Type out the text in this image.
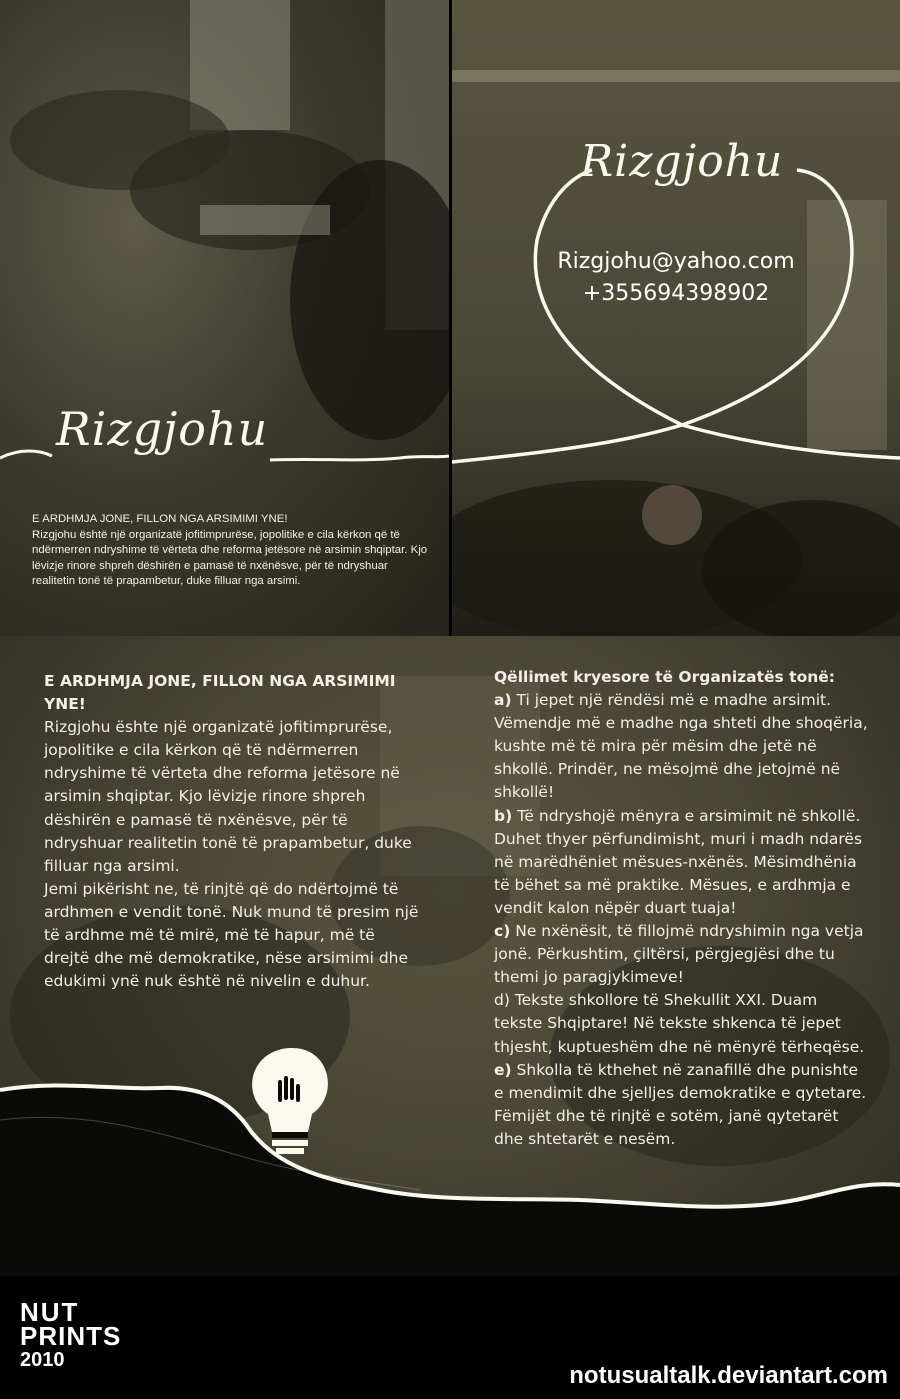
Rizgjohu
E ARDHMJA JONE, FILLON NGA ARSIMIMI YNE!
Rizgjohu është një organizatë jofitimprurëse, jopolitike e cila kërkon që të ndërmerren ndryshime të vërteta dhe reforma jetësore në arsimin shqiptar. Kjo lëvizje rinore shpreh dëshirën e pamasë të nxënësve, për të ndryshuar realitetin tonë të prapambetur, duke filluar nga arsimi.
Rizgjohu
Rizgjohu@yahoo.com
+355694398902

E ARDHMJA JONE, FILLON NGA ARSIMIMI YNE!

Rizgjohu ështe një organizatë jofitimprurëse, jopolitike e cila kërkon që të ndërmerren ndryshime të vërteta dhe reforma jetësore në arsimin shqiptar. Kjo lëvizje rinore shpreh dëshirën e pamasë të nxënësve, për të ndryshuar realitetin tonë të prapambetur, duke filluar nga arsimi.

Jemi pikërisht ne, të rinjtë që do ndërtojmë të ardhmen e vendit tonë. Nuk mund të presim një të ardhme më të mirë, më të hapur, më të drejtë dhe më demokratike, nëse arsimimi dhe edukimi ynë nuk është në nivelin e duhur.

Qëllimet kryesore të Organizatës tonë:

a) Ti jepet një rëndësi më e madhe arsimit. Vëmendje më e madhe nga shteti dhe shoqëria, kushte më të mira për mësim dhe jetë në shkollë. Prindër, ne mësojmë dhe jetojmë në shkollë!

b) Të ndryshojë mënyra e arsimimit në shkollë. Duhet thyer përfundimisht, muri i madh ndarës në marëdhëniet mësues-nxënës. Mësimdhënia të bëhet sa më praktike. Mësues, e ardhmja e vendit kalon nëpër duart tuaja!

c) Ne nxënësit, të fillojmë ndryshimin nga vetja jonë. Përkushtim, çiltërsi, përgjegjësi dhe tu themi jo paragjykimeve!

d) Tekste shkollore të Shekullit XXI. Duam tekste Shqiptare! Në tekste shkenca të jepet thjesht, kuptueshëm dhe në mënyrë tërheqëse.

e) Shkolla të kthehet në zanafillë dhe punishte e mendimit dhe sjelljes demokratike e qytetare. Fëmijët dhe të rinjtë e sotëm, janë qytetarët dhe shtetarët e nesëm.

NUT
PRINTS
2010
notusualtalk.deviantart.com
